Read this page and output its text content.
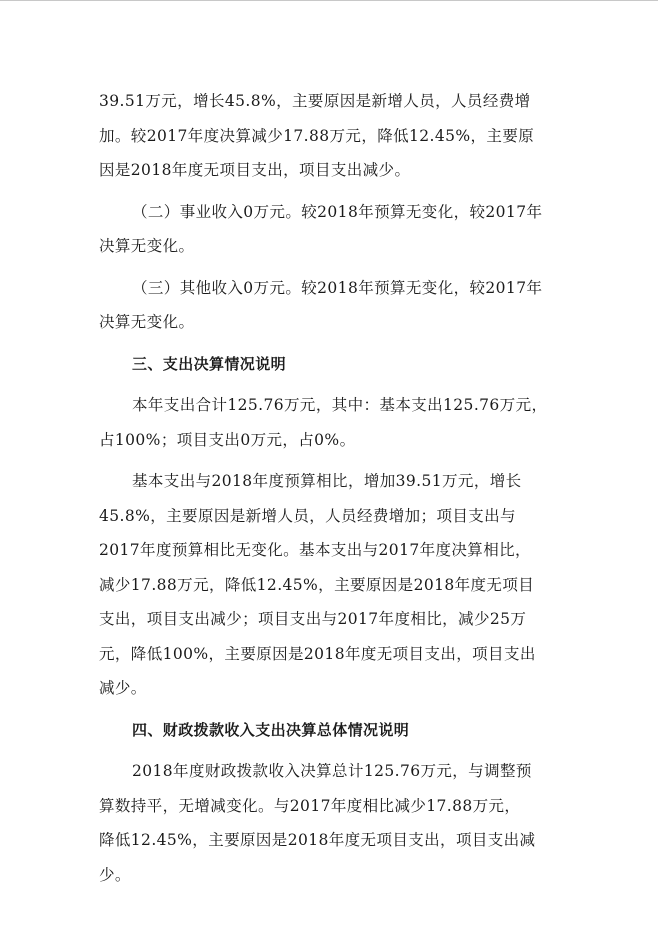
39.51万元，增长45.8%，主要原因是新增人员，人员经费增
加。较2017年度决算减少17.88万元，降低12.45%，主要原
因是2018年度无项目支出，项目支出减少。
（二）事业收入0万元。较2018年预算无变化，较2017年
决算无变化。
（三）其他收入0万元。较2018年预算无变化，较2017年
决算无变化。
三、支出决算情况说明
本年支出合计125.76万元，其中：基本支出125.76万元，
占100%；项目支出0万元，占0%。
基本支出与2018年度预算相比，增加39.51万元，增长
45.8%，主要原因是新增人员，人员经费增加；项目支出与
2017年度预算相比无变化。基本支出与2017年度决算相比，
减少17.88万元，降低12.45%，主要原因是2018年度无项目
支出，项目支出减少；项目支出与2017年度相比，减少25万
元，降低100%，主要原因是2018年度无项目支出，项目支出
减少。
四、财政拨款收入支出决算总体情况说明
2018年度财政拨款收入决算总计125.76万元，与调整预
算数持平，无增减变化。与2017年度相比减少17.88万元，
降低12.45%，主要原因是2018年度无项目支出，项目支出减
少。
